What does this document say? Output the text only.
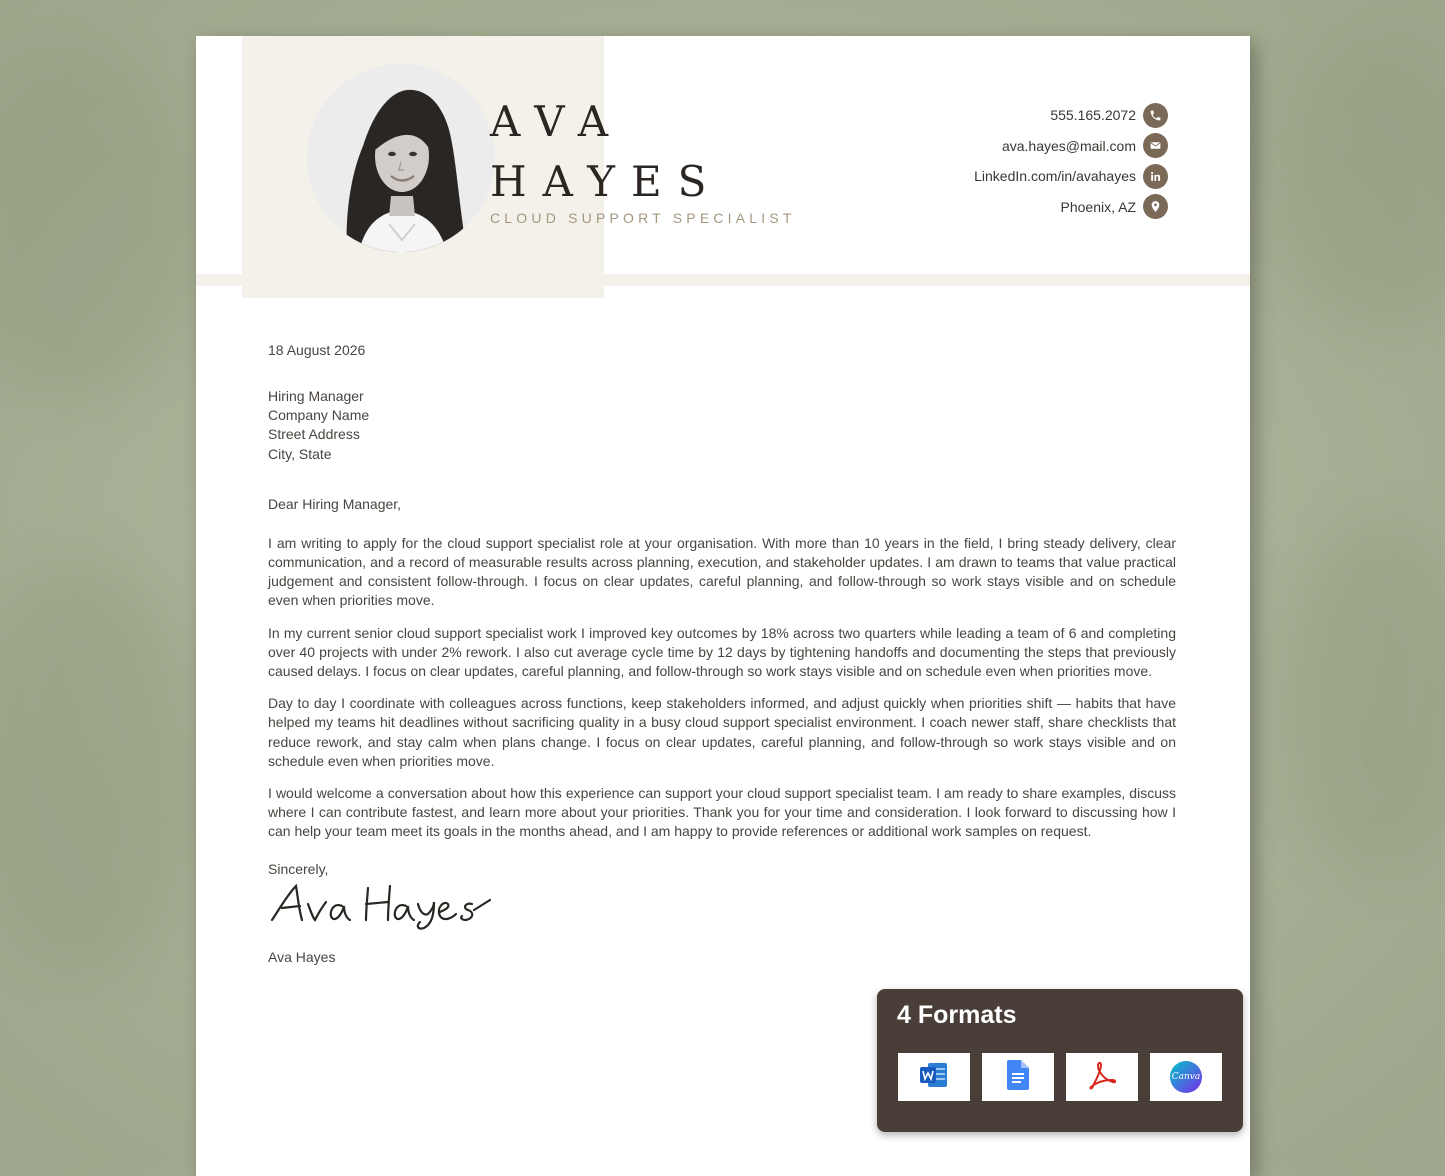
AVA
HAYES
CLOUD SUPPORT SPECIALIST
555.165.2072
ava.hayes@mail.com
LinkedIn.com/in/avahayes
Phoenix, AZ
18 August 2026
Hiring Manager
Company Name
Street Address
City, State
Dear Hiring Manager,

I am writing to apply for the cloud support specialist role at your organisation. With more than 10 years in the field, I bring steady delivery, clear communication, and a record of measurable results across planning, execution, and stakeholder updates. I am drawn to teams that value practical judgement and consistent follow-through. I focus on clear updates, careful planning, and follow-through so work stays visible and on schedule even when priorities move.

In my current senior cloud support specialist work I improved key outcomes by 18% across two quarters while leading a team of 6 and completing over 40 projects with under 2% rework. I also cut average cycle time by 12 days by tightening handoffs and documenting the steps that previously caused delays. I focus on clear updates, careful planning, and follow-through so work stays visible and on schedule even when priorities move.

Day to day I coordinate with colleagues across functions, keep stakeholders informed, and adjust quickly when priorities shift — habits that have helped my teams hit deadlines without sacrificing quality in a busy cloud support specialist environment. I coach newer staff, share checklists that reduce rework, and stay calm when plans change. I focus on clear updates, careful planning, and follow-through so work stays visible and on schedule even when priorities move.

I would welcome a conversation about how this experience can support your cloud support specialist team. I am ready to share examples, discuss where I can contribute fastest, and learn more about your priorities. Thank you for your time and consideration. I look forward to discussing how I can help your team meet its goals in the months ahead, and I am happy to provide references or additional work samples on request.

Sincerely,
Ava Hayes
4 Formats
Canva
